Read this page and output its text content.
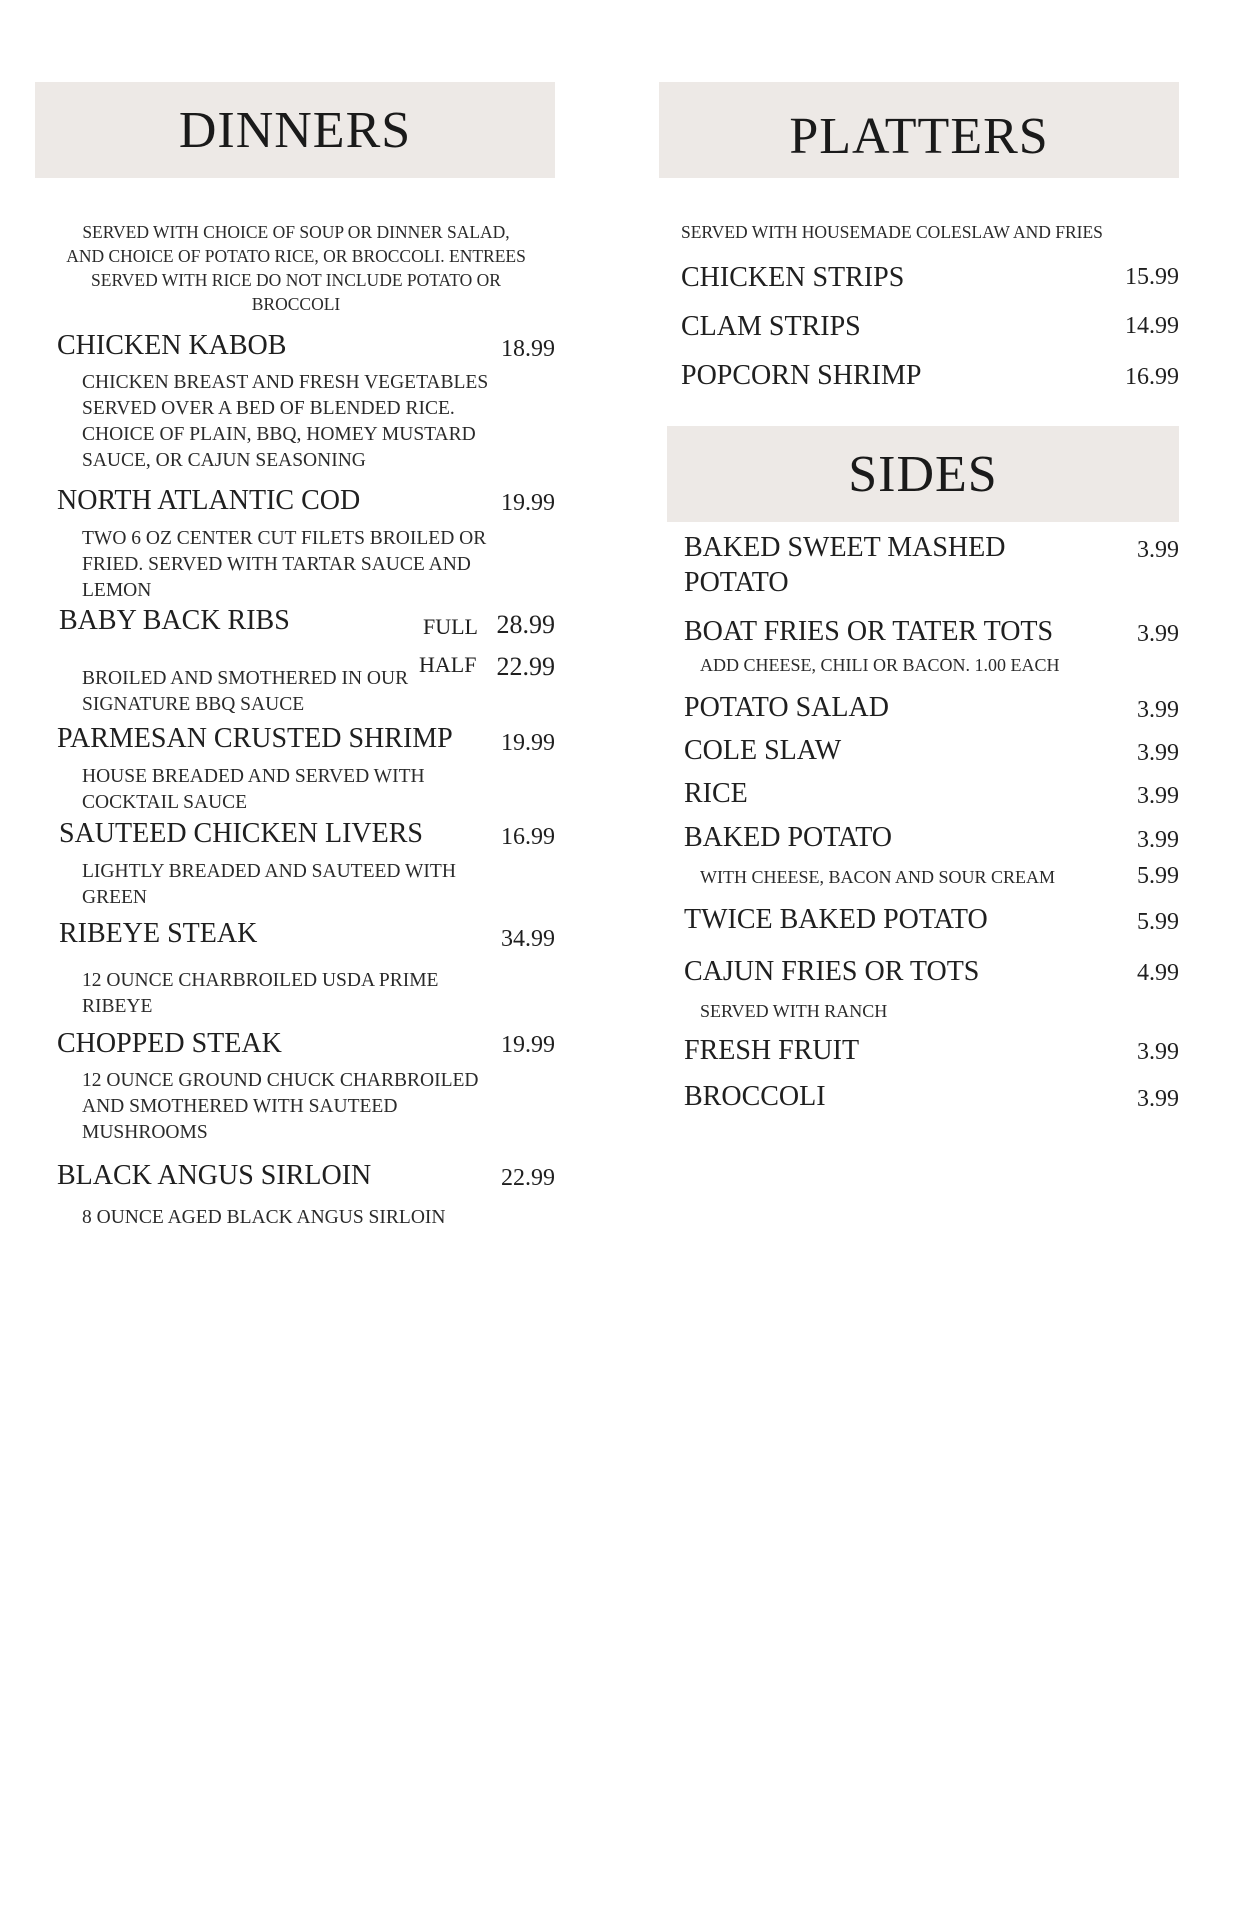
DINNERS
SERVED WITH CHOICE OF SOUP OR DINNER SALAD, AND CHOICE OF POTATO RICE, OR BROCCOLI. ENTREES SERVED WITH RICE DO NOT INCLUDE POTATO OR BROCCOLI
CHICKEN KABOB	18.99
CHICKEN BREAST AND FRESH VEGETABLES SERVED OVER A BED OF BLENDED RICE. CHOICE OF PLAIN, BBQ, HOMEY MUSTARD SAUCE, OR CAJUN SEASONING
NORTH ATLANTIC COD	19.99
TWO 6 OZ CENTER CUT FILETS BROILED OR FRIED. SERVED WITH TARTAR SAUCE AND LEMON
BABY BACK RIBS	FULL 28.99
HALF 22.99
BROILED AND SMOTHERED IN OUR SIGNATURE BBQ SAUCE
PARMESAN CRUSTED SHRIMP	19.99
HOUSE BREADED AND SERVED WITH COCKTAIL SAUCE
SAUTEED CHICKEN LIVERS	16.99
LIGHTLY BREADED AND SAUTEED WITH GREEN
RIBEYE STEAK	34.99
12 OUNCE CHARBROILED USDA PRIME RIBEYE
CHOPPED STEAK	19.99
12 OUNCE GROUND CHUCK CHARBROILED AND SMOTHERED WITH SAUTEED MUSHROOMS
BLACK ANGUS SIRLOIN	22.99
8 OUNCE AGED BLACK ANGUS SIRLOIN
PLATTERS
SERVED WITH HOUSEMADE COLESLAW AND FRIES
CHICKEN STRIPS	15.99
CLAM STRIPS	14.99
POPCORN SHRIMP	16.99
SIDES
BAKED SWEET MASHED
POTATO
3.99
BOAT FRIES OR TATER TOTS	3.99
ADD CHEESE, CHILI OR BACON. 1.00 EACH
POTATO SALAD	3.99
COLE SLAW	3.99
RICE	3.99
BAKED POTATO	3.99
WITH CHEESE, BACON AND SOUR CREAM	5.99
TWICE BAKED POTATO	5.99
CAJUN FRIES OR TOTS	4.99
SERVED WITH RANCH
FRESH FRUIT	3.99
BROCCOLI	3.99
